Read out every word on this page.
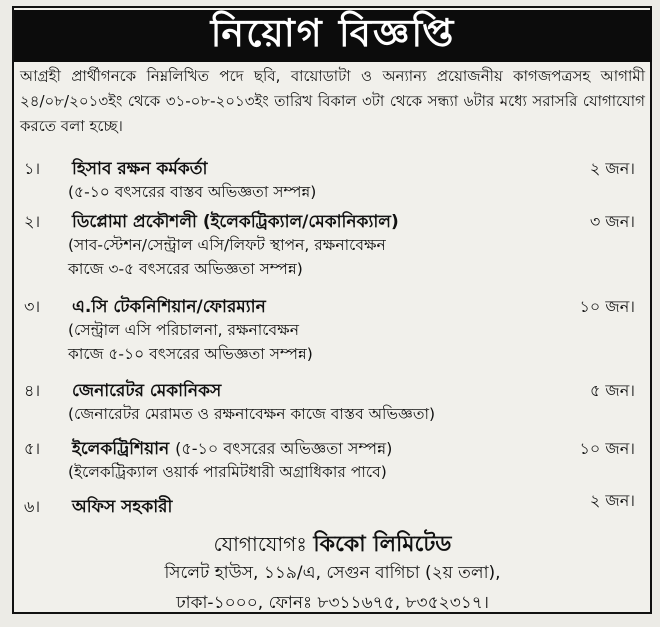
নিয়োগ বিজ্ঞপ্তি
আগ্রহী প্রার্থীগনকে নিম্নলিখিত পদে ছবি, বায়োডাটা ও অন্যান্য প্রয়োজনীয় কাগজপত্রসহ আগামী ২৪/০৮/২০১৩ইং থেকে ৩১-০৮-২০১৩ইং তারিখ বিকাল ৩টা থেকে সন্ধ্যা ৬টার মধ্যে সরাসরি যোগাযোগ করতে বলা হচ্ছে।
১। হিসাব রক্ষন কর্মকর্তা	২ জন।
(৫-১০ বৎসরের বাস্তব অভিজ্ঞতা সম্পন্ন)
২। ডিপ্লোমা প্রকৌশলী (ইলেকট্রিক্যাল/মেকানিক্যাল)	৩ জন।
(সাব-স্টেশন/সেন্ট্রাল এসি/লিফট স্থাপন, রক্ষনাবেক্ষন
কাজে ৩-৫ বৎসরের অভিজ্ঞতা সম্পন্ন)
৩। এ.সি টেকনিশিয়ান/ফোরম্যান	১০ জন।
(সেন্ট্রাল এসি পরিচালনা, রক্ষনাবেক্ষন
কাজে ৫-১০ বৎসরের অভিজ্ঞতা সম্পন্ন)
৪। জেনারেটর মেকানিকস	৫ জন।
(জেনারেটর মেরামত ও রক্ষনাবেক্ষন কাজে বাস্তব অভিজ্ঞতা)
৫। ইলেকট্রিশিয়ান (৫-১০ বৎসরের অভিজ্ঞতা সম্পন্ন)	১০ জন।
(ইলেকট্রিক্যাল ওয়ার্ক পারমিটধারী অগ্রাধিকার পাবে)
৬। অফিস সহকারী	২ জন।
যোগাযোগঃ কিকো লিমিটেড
সিলেট হাউস, ১১৯/এ, সেগুন বাগিচা (২য় তলা),
ঢাকা-১০০০, ফোনঃ ৮৩১১৬৭৫, ৮৩৫২৩১৭।
